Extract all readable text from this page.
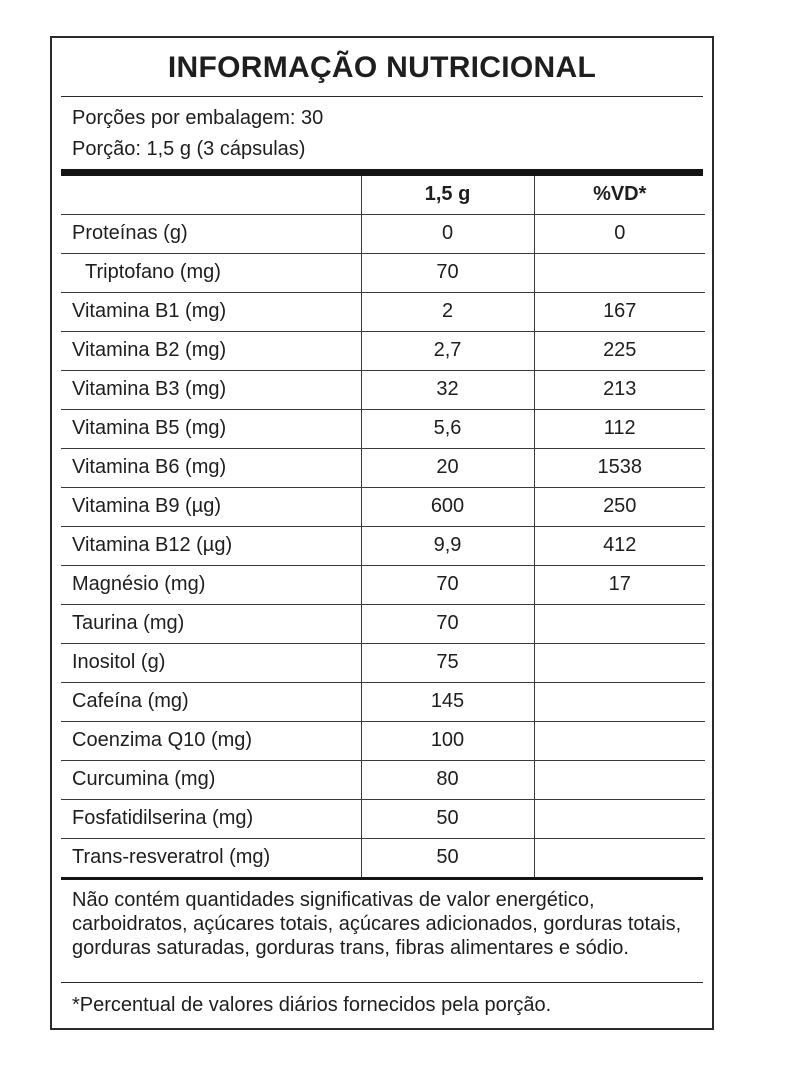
INFORMAÇÃO NUTRICIONAL
Porções por embalagem: 30
Porção: 1,5 g (3 cápsulas)
	1,5 g	%VD*
Proteínas (g)	0	0
Triptofano (mg)	70	
Vitamina B1 (mg)	2	167
Vitamina B2 (mg)	2,7	225
Vitamina B3 (mg)	32	213
Vitamina B5 (mg)	5,6	112
Vitamina B6 (mg)	20	1538
Vitamina B9 (µg)	600	250
Vitamina B12 (µg)	9,9	412
Magnésio (mg)	70	17
Taurina (mg)	70	
Inositol (g)	75	
Cafeína (mg)	145	
Coenzima Q10 (mg)	100	
Curcumina (mg)	80	
Fosfatidilserina (mg)	50	
Trans-resveratrol (mg)	50	
Não contém quantidades significativas de valor energético, carboidratos, açúcares totais, açúcares adicionados, gorduras totais, gorduras saturadas, gorduras trans, fibras alimentares e sódio.
*Percentual de valores diários fornecidos pela porção.
